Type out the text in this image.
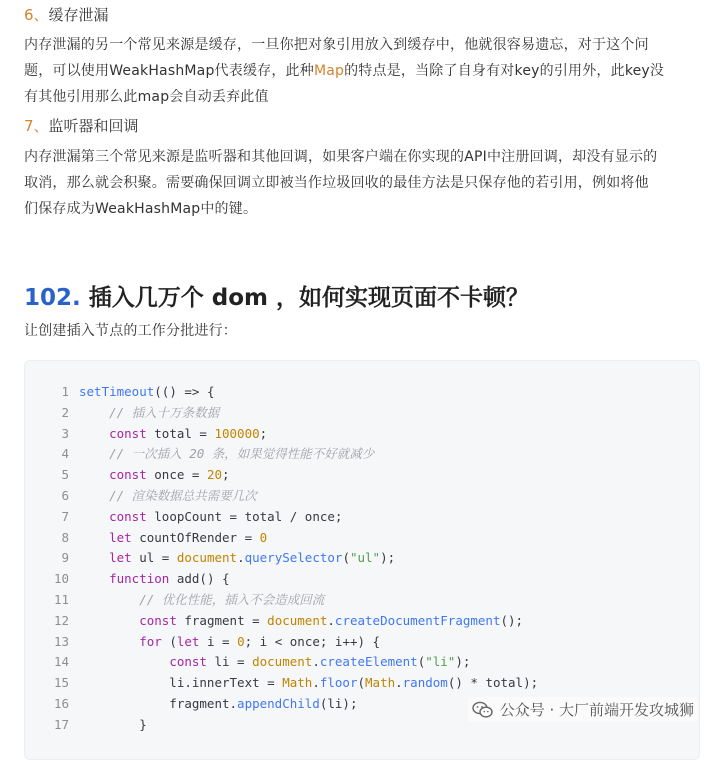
6、缓存泄漏
内存泄漏的另一个常见来源是缓存，一旦你把对象引用放入到缓存中，他就很容易遗忘，对于这个问
题，可以使用WeakHashMap代表缓存，此种Map的特点是，当除了自身有对key的引用外，此key没
有其他引用那么此map会自动丢弃此值
7、监听器和回调
内存泄漏第三个常见来源是监听器和其他回调，如果客户端在你实现的API中注册回调，却没有显示的
取消，那么就会积聚。需要确保回调立即被当作垃圾回收的最佳方法是只保存他的若引用，例如将他
们保存成为WeakHashMap中的键。
102. 插入几万个 dom ，如何实现页面不卡顿？
让创建插入节点的工作分批进行：
1 setTimeout(() => {
2	// 插入十万条数据
3	const total = 100000;
4	// 一次插入 20 条，如果觉得性能不好就减少
5	const once = 20;
6	// 渲染数据总共需要几次
7	const loopCount = total / once;
8	let countOfRender = 0
9	let ul = document.querySelector("ul");
10	function add() {
11	// 优化性能，插入不会造成回流
12	const fragment = document.createDocumentFragment();
13	for (let i = 0; i < once; i++) {
14	const li = document.createElement("li");
15 li.innerText = Math.floor(Math.random() * total);
16 fragment.appendChild(li);
17 }
公众号 · 大厂前端开发攻城狮
